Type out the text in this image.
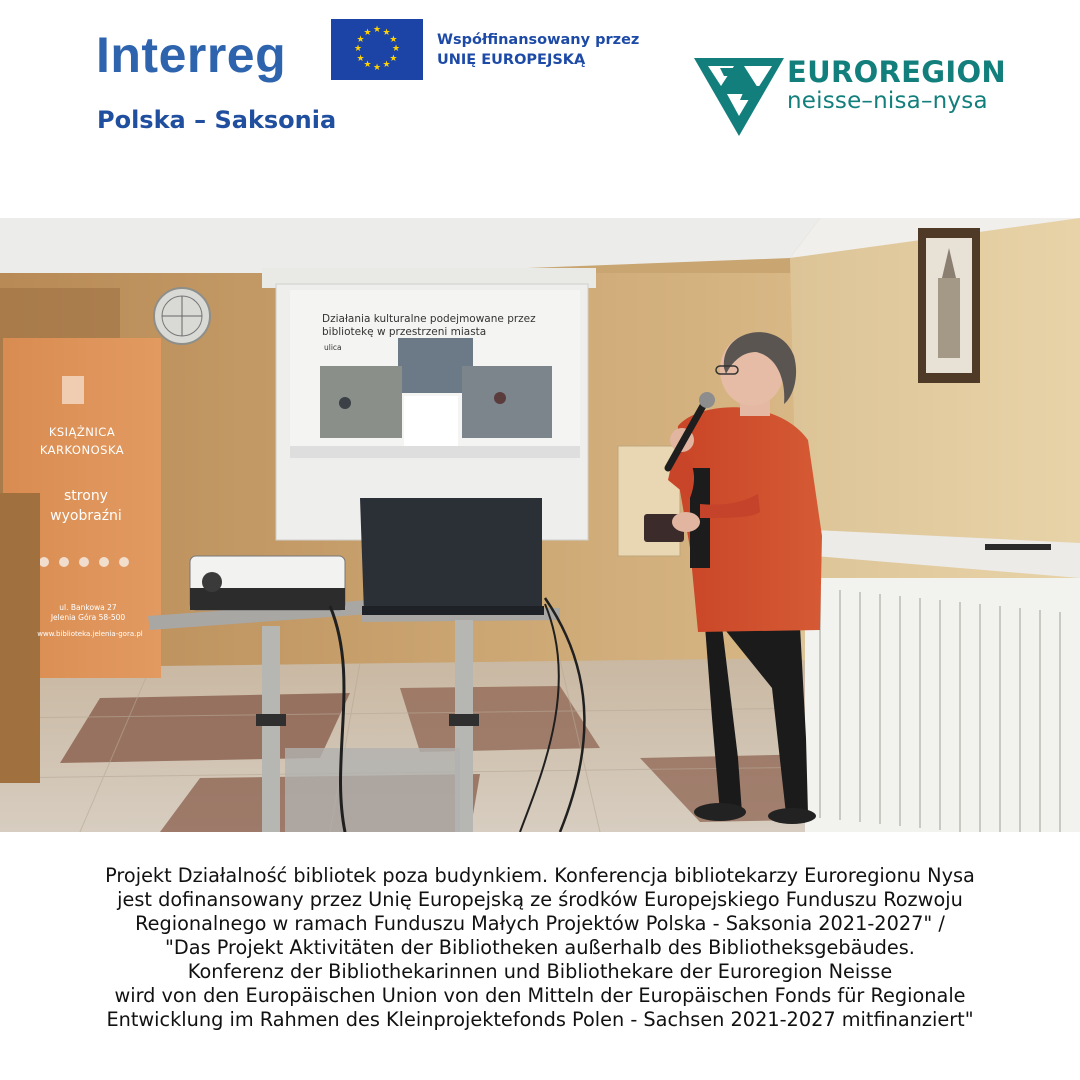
Interreg
Polska – Saksonia
★ ★
★
★
★
★
★
★
★
★
★
★	Współfinansowany przez
UNIĘ EUROPEJSKĄ	EUROREGION
neisse–nisa–nysa
KSIĄŻNICA
KARKONOSKA
strony
wyobraźni
ul. Bankowa 27
Jelenia Góra 58-500
www.biblioteka.jelenia-gora.pl
Działania kulturalne podejmowane przez
bibliotekę w przestrzeni miasta
ulica
Projekt Działalność bibliotek poza budynkiem. Konferencja bibliotekarzy Euroregionu Nysa
jest dofinansowany przez Unię Europejską ze środków Europejskiego Funduszu Rozwoju
Regionalnego w ramach Funduszu Małych Projektów Polska - Saksonia 2021-2027" /
"Das Projekt Aktivitäten der Bibliotheken außerhalb des Bibliotheksgebäudes.
Konferenz der Bibliothekarinnen und Bibliothekare der Euroregion Neisse
wird von den Europäischen Union von den Mitteln der Europäischen Fonds für Regionale
Entwicklung im Rahmen des Kleinprojektefonds Polen - Sachsen 2021-2027 mitfinanziert"
